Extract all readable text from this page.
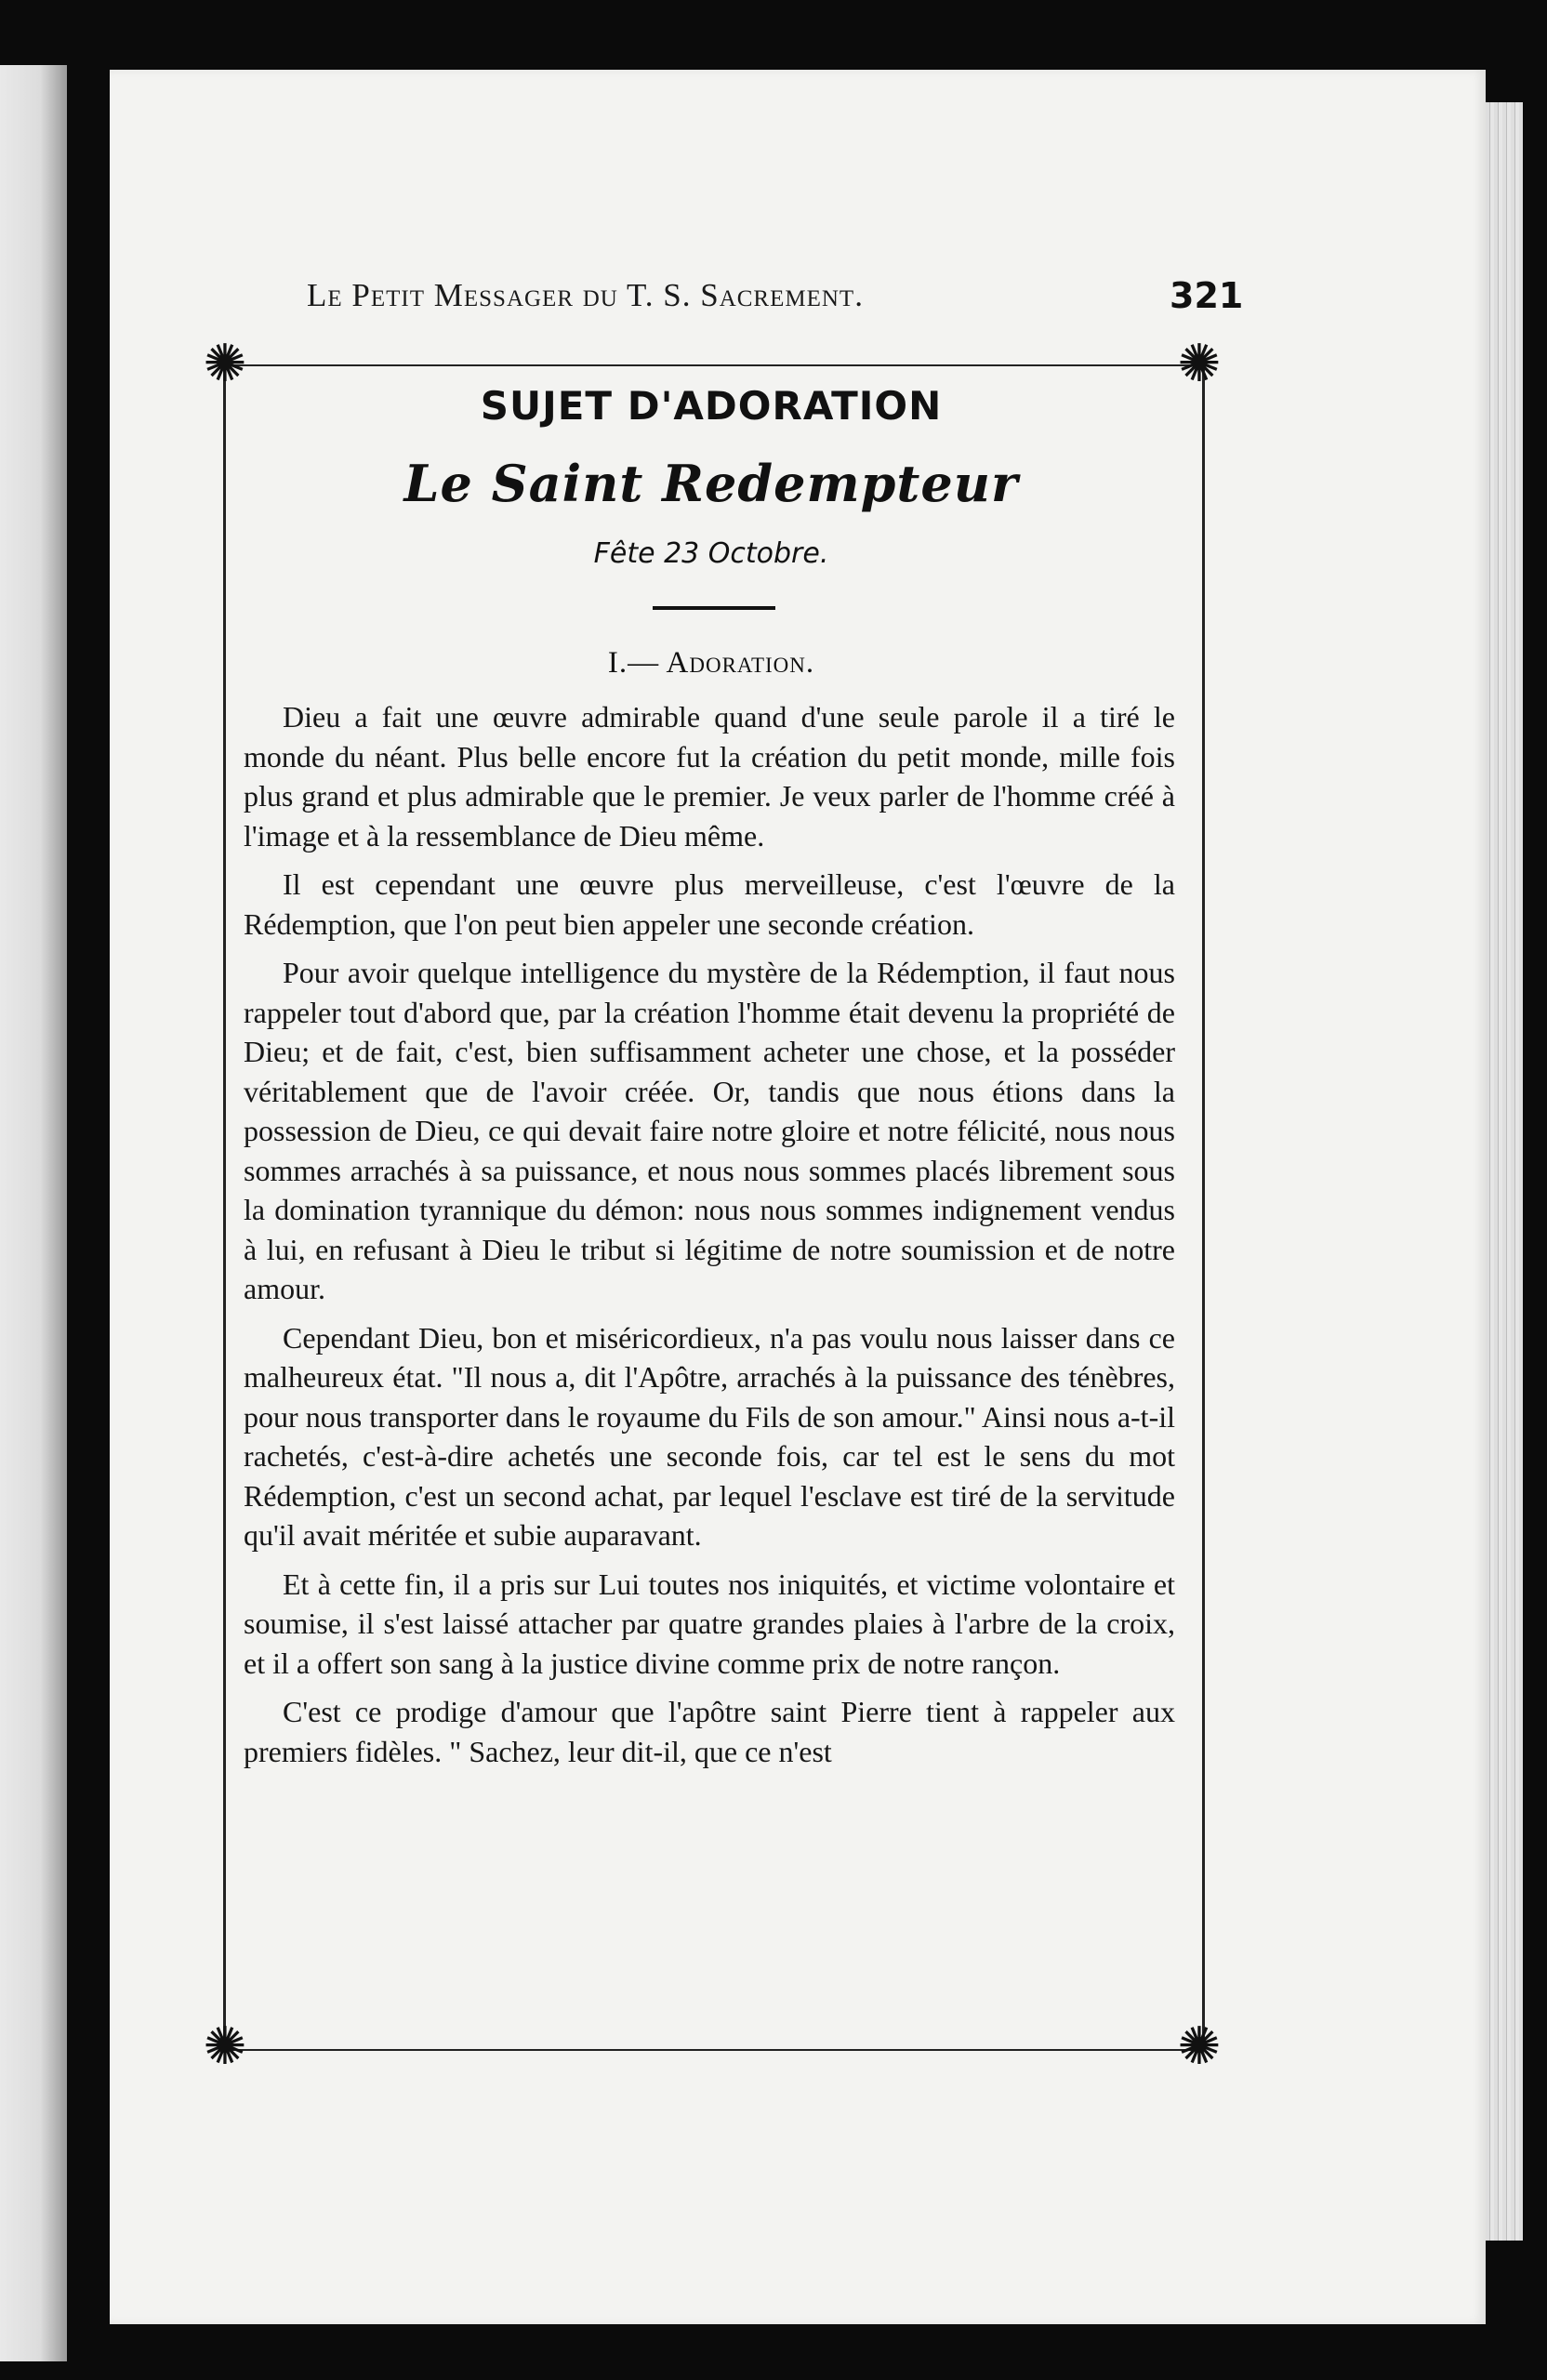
Le Petit Messager du T. S. Sacrement.	321
✺	✺
✺	✺
SUJET D'ADORATION
Le Saint Redempteur
Fête 23 Octobre.
I.— Adoration.

Dieu a fait une œuvre admirable quand d'une seule parole il a tiré le monde du néant. Plus belle encore fut la création du petit monde, mille fois plus grand et plus admirable que le premier. Je veux parler de l'homme créé à l'image et à la ressemblance de Dieu même.

Il est cependant une œuvre plus merveilleuse, c'est l'œuvre de la Rédemption, que l'on peut bien appeler une seconde création.

Pour avoir quelque intelligence du mystère de la Rédemption, il faut nous rappeler tout d'abord que, par la création l'homme était devenu la propriété de Dieu; et de fait, c'est, bien suffisamment acheter une chose, et la posséder véritablement que de l'avoir créée. Or, tandis que nous étions dans la possession de Dieu, ce qui devait faire notre gloire et notre félicité, nous nous sommes arrachés à sa puissance, et nous nous sommes placés librement sous la domination tyrannique du démon: nous nous sommes indignement vendus à lui, en refusant à Dieu le tribut si légitime de notre soumission et de notre amour.

Cependant Dieu, bon et miséricordieux, n'a pas voulu nous laisser dans ce malheureux état. "Il nous a, dit l'Apôtre, arrachés à la puissance des ténèbres, pour nous transporter dans le royaume du Fils de son amour." Ainsi nous a-t-il rachetés, c'est-à-dire achetés une seconde fois, car tel est le sens du mot Rédemption, c'est un second achat, par lequel l'esclave est tiré de la servitude qu'il avait méritée et subie auparavant.

Et à cette fin, il a pris sur Lui toutes nos iniquités, et victime volontaire et soumise, il s'est laissé attacher par quatre grandes plaies à l'arbre de la croix, et il a offert son sang à la justice divine comme prix de notre rançon.

C'est ce prodige d'amour que l'apôtre saint Pierre tient à rappeler aux premiers fidèles. " Sachez, leur dit-il, que ce n'est
